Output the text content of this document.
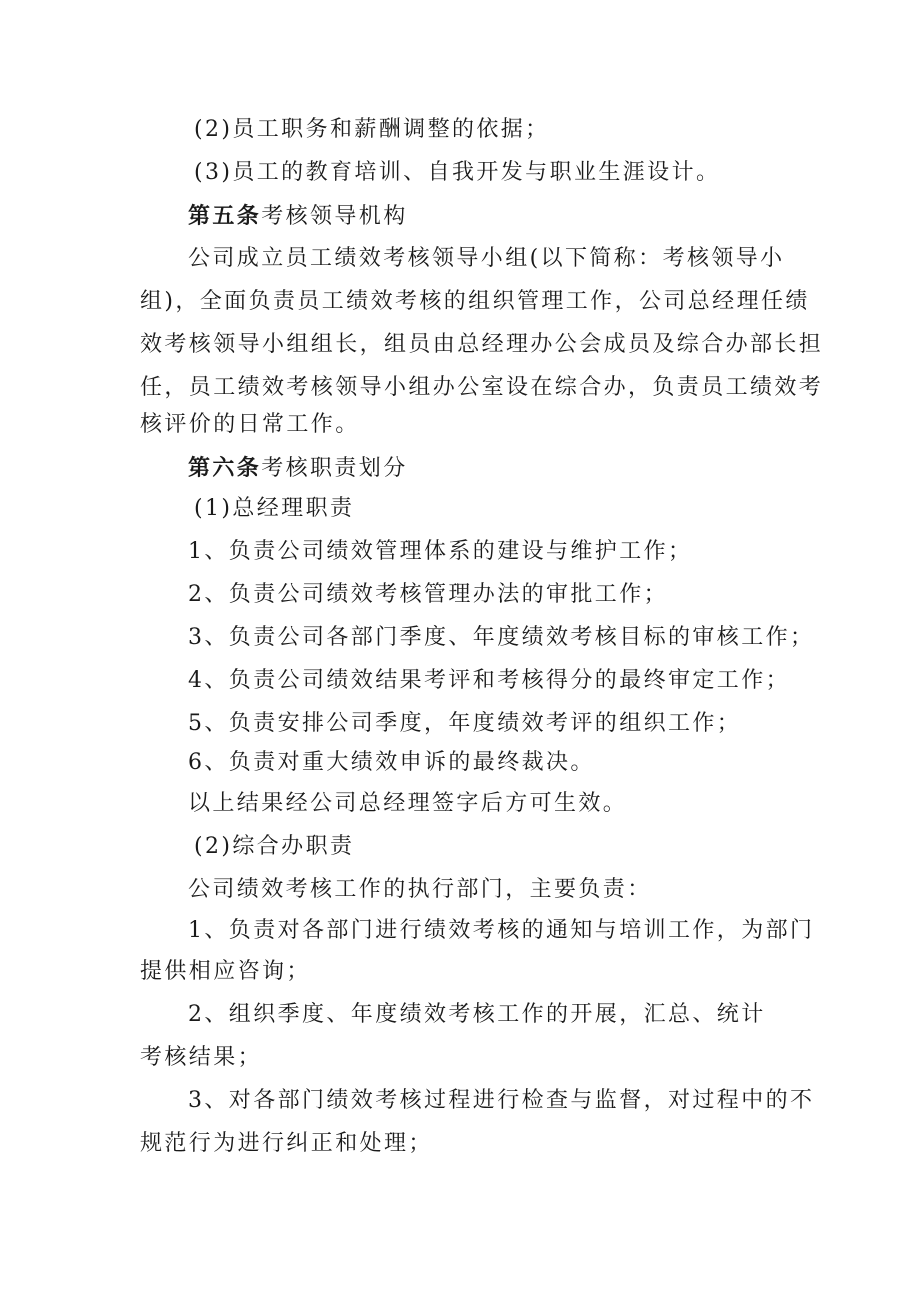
(2)员工职务和薪酬调整的依据；
(3)员工的教育培训、自我开发与职业生涯设计。
第五条考核领导机构
公司成立员工绩效考核领导小组(以下简称：考核领导小
组)，全面负责员工绩效考核的组织管理工作，公司总经理任绩
效考核领导小组组长，组员由总经理办公会成员及综合办部长担
任，员工绩效考核领导小组办公室设在综合办，负责员工绩效考
核评价的日常工作。
第六条考核职责划分
(1)总经理职责
1、负责公司绩效管理体系的建设与维护工作；
2、负责公司绩效考核管理办法的审批工作；
3、负责公司各部门季度、年度绩效考核目标的审核工作；
4、负责公司绩效结果考评和考核得分的最终审定工作；
5、负责安排公司季度，年度绩效考评的组织工作；
6、负责对重大绩效申诉的最终裁决。
以上结果经公司总经理签字后方可生效。
(2)综合办职责
公司绩效考核工作的执行部门，主要负责：
1、负责对各部门进行绩效考核的通知与培训工作，为部门
提供相应咨询；
2、组织季度、年度绩效考核工作的开展，汇总、统计
考核结果；
3、对各部门绩效考核过程进行检查与监督，对过程中的不
规范行为进行纠正和处理；
